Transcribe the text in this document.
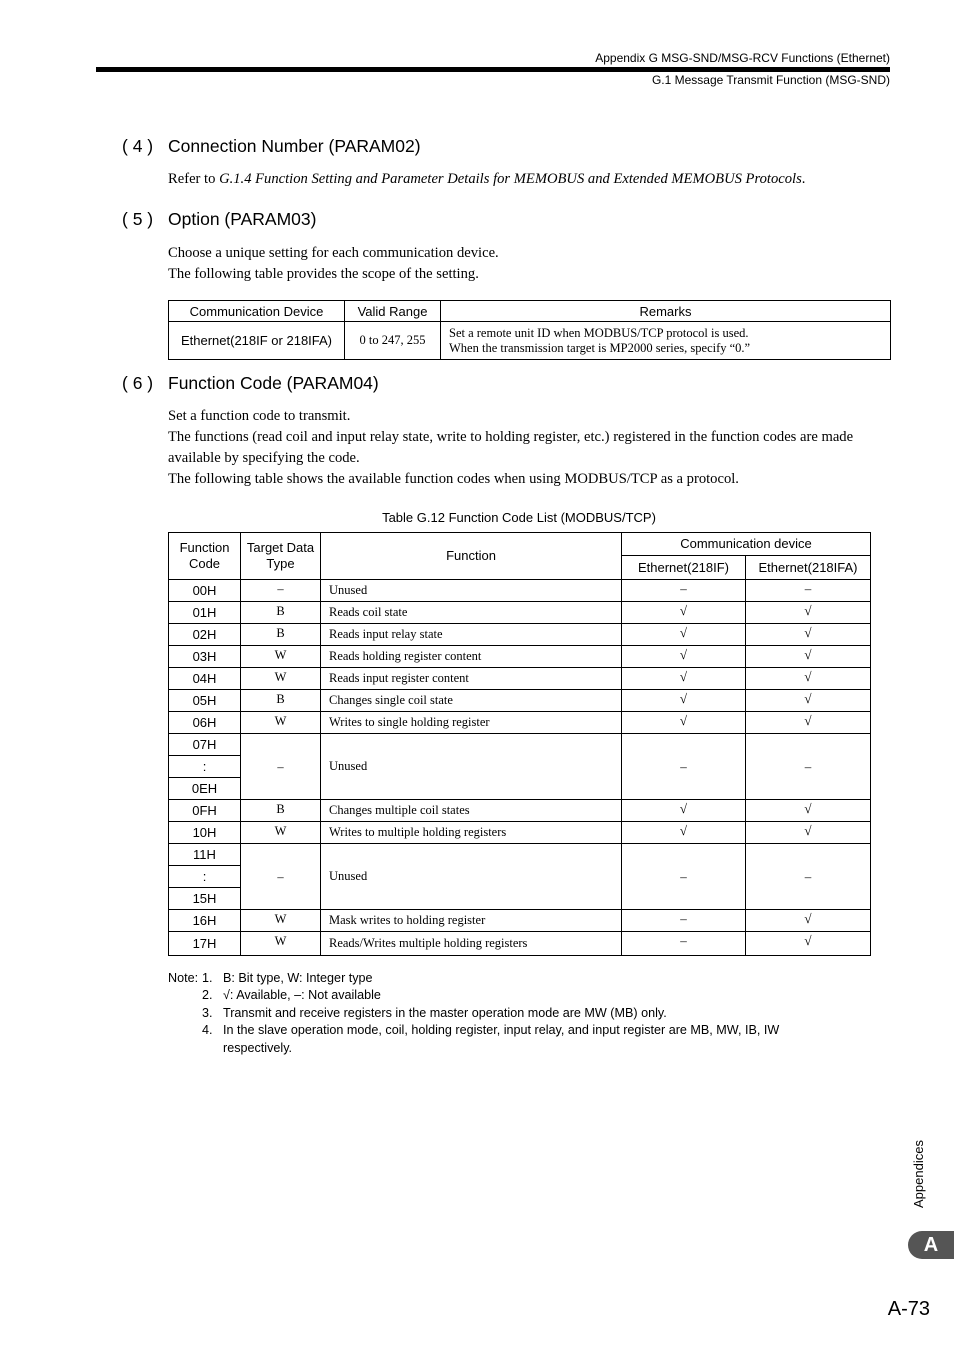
Appendix G MSG-SND/MSG-RCV Functions (Ethernet)
G.1 Message Transmit Function (MSG-SND)
( 4 ) Connection Number (PARAM02)

Refer to G.1.4 Function Setting and Parameter Details for MEMOBUS and Extended MEMOBUS Protocols.

( 5 ) Option (PARAM03)

Choose a unique setting for each communication device.

The following table provides the scope of the setting.

Communication Device	Valid Range	Remarks
Ethernet(218IF or 218IFA)	0 to 247, 255	Set a remote unit ID when MODBUS/TCP protocol is used.
When the transmission target is MP2000 series, specify “0.”
( 6 ) Function Code (PARAM04)

Set a function code to transmit.

The functions (read coil and input relay state, write to holding register, etc.) registered in the function codes are made available by specifying the code.

The following table shows the available function codes when using MODBUS/TCP as a protocol.

Table G.12 Function Code List (MODBUS/TCP)
Function Code	Target Data Type	Function	Communication device	
			Ethernet(218IF)	Ethernet(218IFA)
00H	–	Unused	–	–
01H	B	Reads coil state	√	√
02H	B	Reads input relay state	√	√
03H	W	Reads holding register content	√	√
04H	W	Reads input register content	√	√
05H	B	Changes single coil state	√	√
06H	W	Writes to single holding register	√	√
07H	–	Unused	–	–
:				
0EH				
0FH	B	Changes multiple coil states	√	√
10H	W	Writes to multiple holding registers	√	√
11H	–	Unused	–	–
:				
15H				
16H	W	Mask writes to holding register	–	√
17H	W	Reads/Writes multiple holding registers	–	√
Note: 1. B: Bit type, W: Integer type
2. √: Available, –: Not available
3. Transmit and receive registers in the master operation mode are MW (MB) only.
4. In the slave operation mode, coil, holding register, input relay, and input register are MB, MW, IB, IW respectively.
Appendices
A
A-73
